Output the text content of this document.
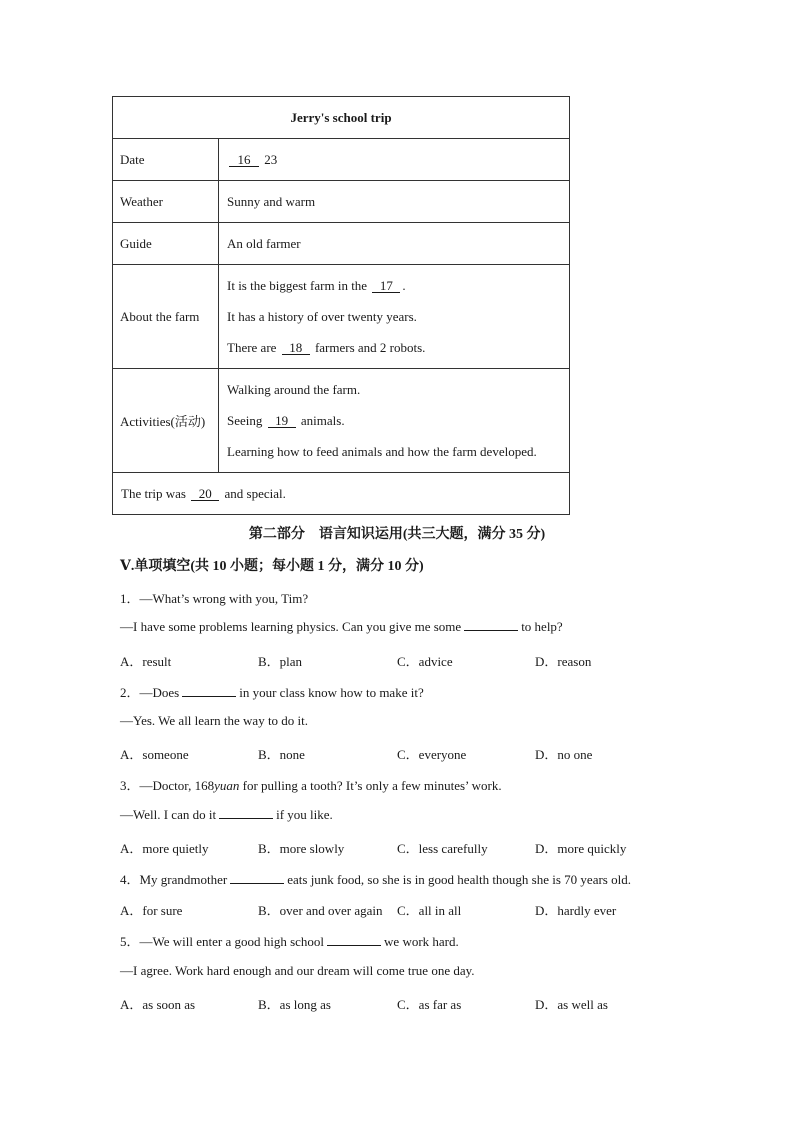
Jerry's school trip	
Date	16 23
Weather	Sunny and warm
Guide	An old farmer
About the farm	It is the biggest farm in the 17 .
It has a history of over twenty years.
There are 18 farmers and 2 robots.

Activities(活动)	Walking around the farm.
Seeing 19 animals.
Learning how to feed animals and how the farm developed.

The trip was 20 and special.	
第二部分 语言知识运用(共三大题，满分 35 分)
Ⅴ.单项填空(共 10 小题；每小题 1 分，满分 10 分)
1．—What’s wrong with you, Tim?
—I have some problems learning physics. Can you give me some	to help?
A．result	B．plan	C．advice	D．reason
2．—Does	in your class know how to make it?
—Yes. We all learn the way to do it.
A．someone	B．none	C．everyone	D．no one
3．—Doctor, 168yuan for pulling a tooth? It’s only a few minutes’ work.
—Well. I can do it	if you like.
A．more quietly	B．more slowly	C．less carefully	D．more quickly
4．My grandmother	eats junk food, so she is in good health though she is 70 years old.
A．for sure	B．over and over again C．all in all	D．hardly ever
5．—We will enter a good high school	we work hard.
—I agree. Work hard enough and our dream will come true one day.
A．as soon as	B．as long as	C．as far as	D．as well as
